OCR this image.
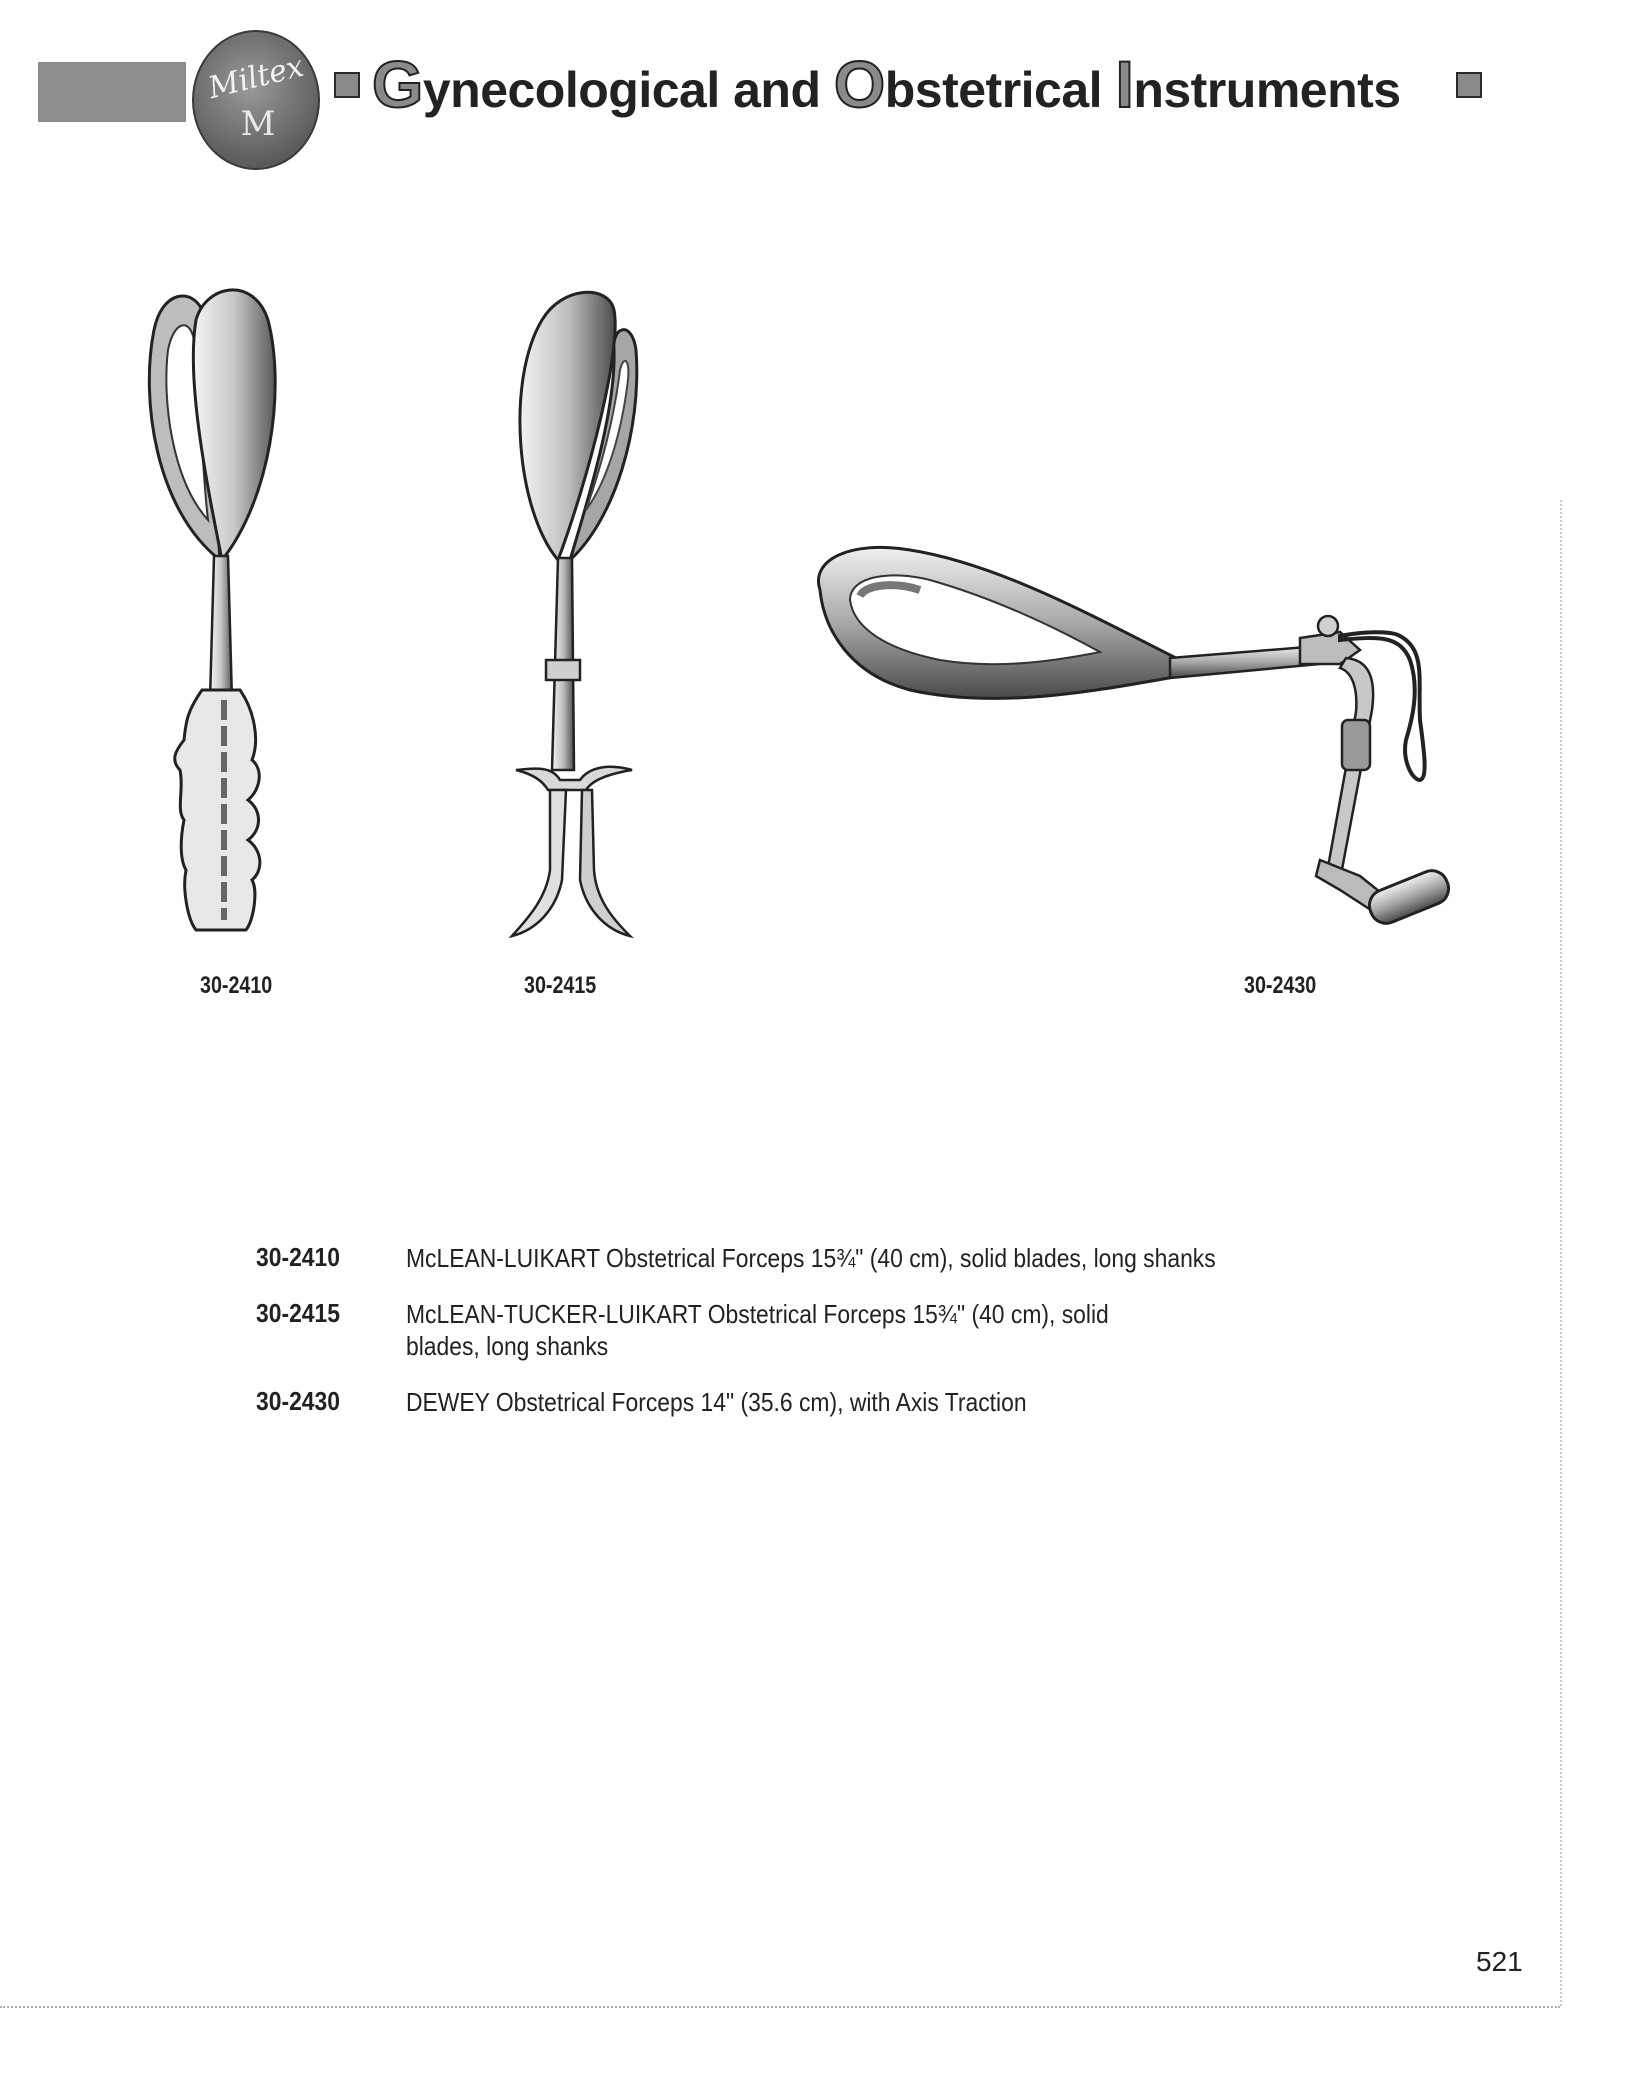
Miltex
M
Gynecological and Obstetrical Instruments
30-2410	30-2415	30-2430
30-2410	McLEAN-LUIKART Obstetrical Forceps 15¾" (40 cm), solid blades, long shanks
30-2415	McLEAN-TUCKER-LUIKART Obstetrical Forceps 15¾" (40 cm), solid blades, long shanks
30-2430	DEWEY Obstetrical Forceps 14" (35.6 cm), with Axis Traction
521
